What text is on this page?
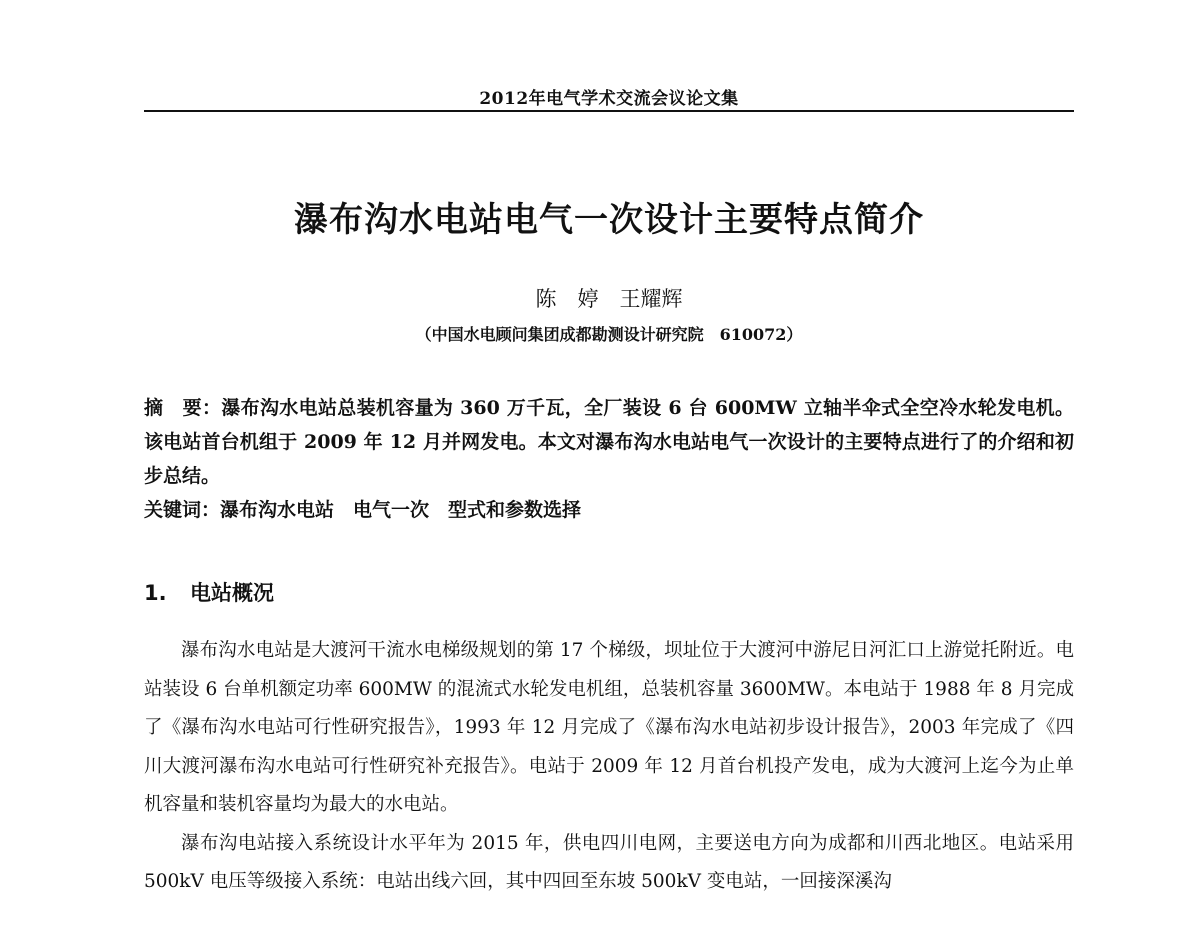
2012年电气学术交流会议论文集
瀑布沟水电站电气一次设计主要特点简介
陈　婷　王耀辉
（中国水电顾问集团成都勘测设计研究院　610072）
摘　要：瀑布沟水电站总装机容量为 360 万千瓦，全厂装设 6 台 600MW 立轴半伞式全空冷水轮发电机。该电站首台机组于 2009 年 12 月并网发电。本文对瀑布沟水电站电气一次设计的主要特点进行了的介绍和初步总结。
关键词：瀑布沟水电站　电气一次　型式和参数选择
1. 电站概况

瀑布沟水电站是大渡河干流水电梯级规划的第 17 个梯级，坝址位于大渡河中游尼日河汇口上游觉托附近。电站装设 6 台单机额定功率 600MW 的混流式水轮发电机组，总装机容量 3600MW。本电站于 1988 年 8 月完成了《瀑布沟水电站可行性研究报告》，1993 年 12 月完成了《瀑布沟水电站初步设计报告》，2003 年完成了《四川大渡河瀑布沟水电站可行性研究补充报告》。电站于 2009 年 12 月首台机投产发电，成为大渡河上迄今为止单机容量和装机容量均为最大的水电站。

瀑布沟电站接入系统设计水平年为 2015 年，供电四川电网，主要送电方向为成都和川西北地区。电站采用 500kV 电压等级接入系统：电站出线六回，其中四回至东坡 500kV 变电站，一回接深溪沟
